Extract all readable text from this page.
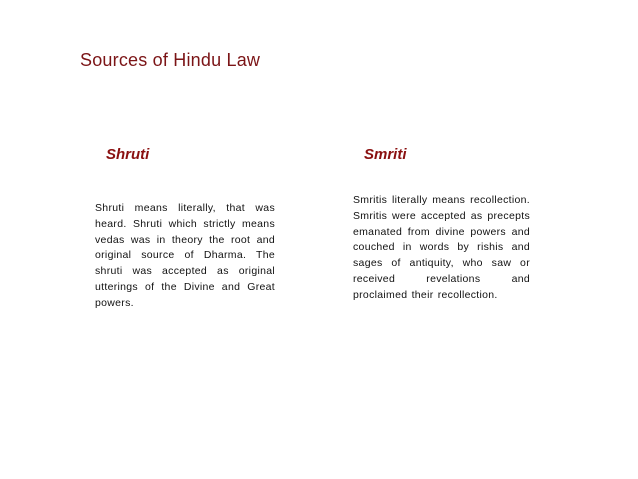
Sources of Hindu Law
Shruti
Shruti means literally, that was heard. Shruti which strictly means vedas was in theory the root and original source of Dharma. The shruti was accepted as original utterings of the Divine and Great powers.
Smriti
Smritis literally means recollection. Smritis were accepted as precepts emanated from divine powers and couched in words by rishis and sages of antiquity, who saw or received revelations and proclaimed their recollection.
